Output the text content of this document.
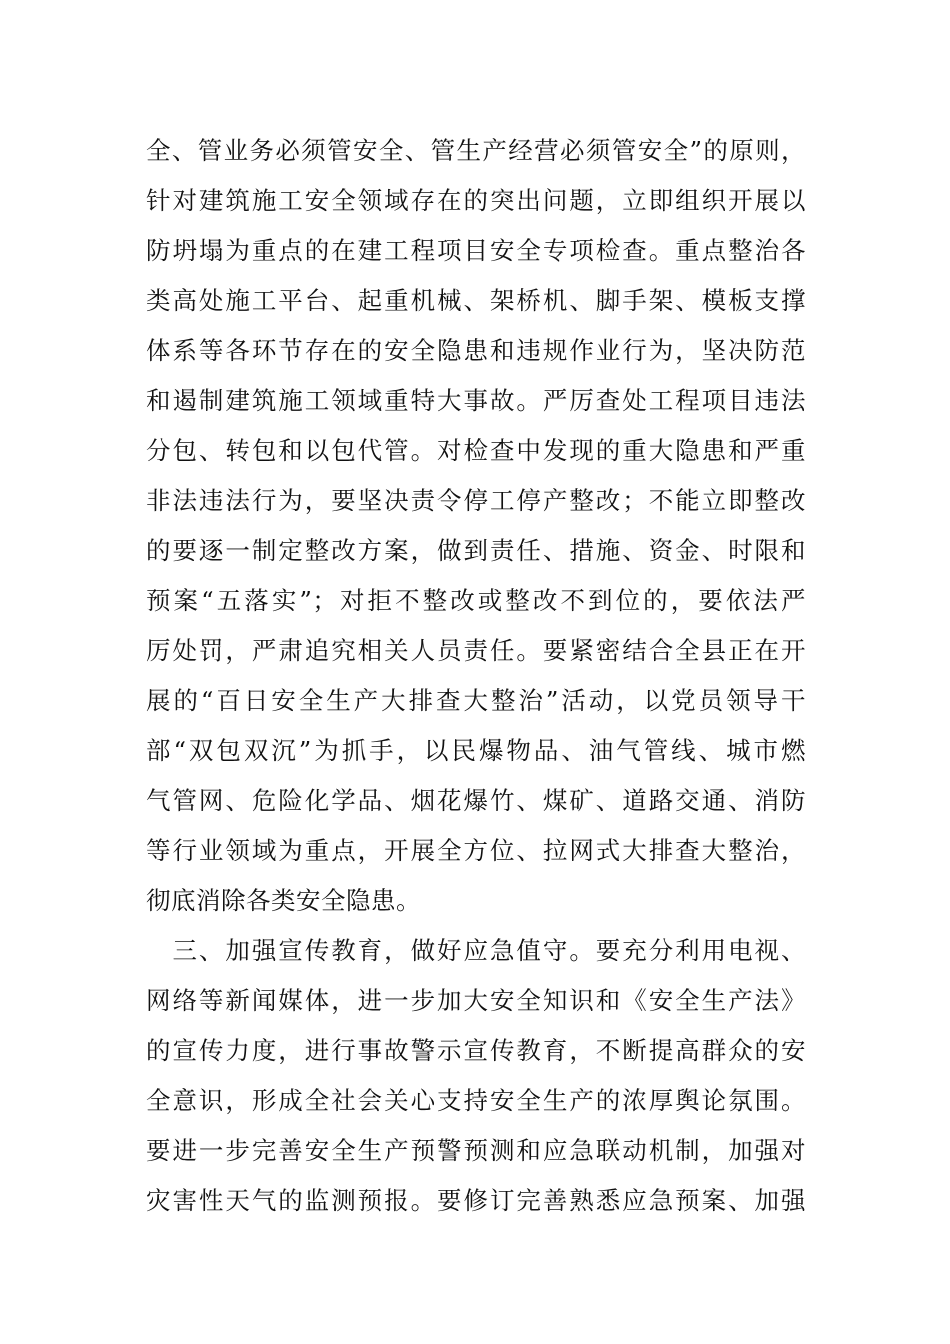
全、管业务必须管安全、管生产经营必须管安全”的原则，
针对建筑施工安全领域存在的突出问题，立即组织开展以
防坍塌为重点的在建工程项目安全专项检查。重点整治各
类高处施工平台、起重机械、架桥机、脚手架、模板支撑
体系等各环节存在的安全隐患和违规作业行为，坚决防范
和遏制建筑施工领域重特大事故。严厉查处工程项目违法
分包、转包和以包代管。对检查中发现的重大隐患和严重
非法违法行为，要坚决责令停工停产整改；不能立即整改
的要逐一制定整改方案，做到责任、措施、资金、时限和
预案“五落实”；对拒不整改或整改不到位的，要依法严
厉处罚，严肃追究相关人员责任。要紧密结合全县正在开
展的“百日安全生产大排查大整治”活动，以党员领导干
部“双包双沉”为抓手，以民爆物品、油气管线、城市燃
气管网、危险化学品、烟花爆竹、煤矿、道路交通、消防
等行业领域为重点，开展全方位、拉网式大排查大整治，
彻底消除各类安全隐患。
　三、加强宣传教育，做好应急值守。要充分利用电视、
网络等新闻媒体，进一步加大安全知识和《安全生产法》
的宣传力度，进行事故警示宣传教育，不断提高群众的安
全意识，形成全社会关心支持安全生产的浓厚舆论氛围。
要进一步完善安全生产预警预测和应急联动机制，加强对
灾害性天气的监测预报。要修订完善熟悉应急预案、加强
